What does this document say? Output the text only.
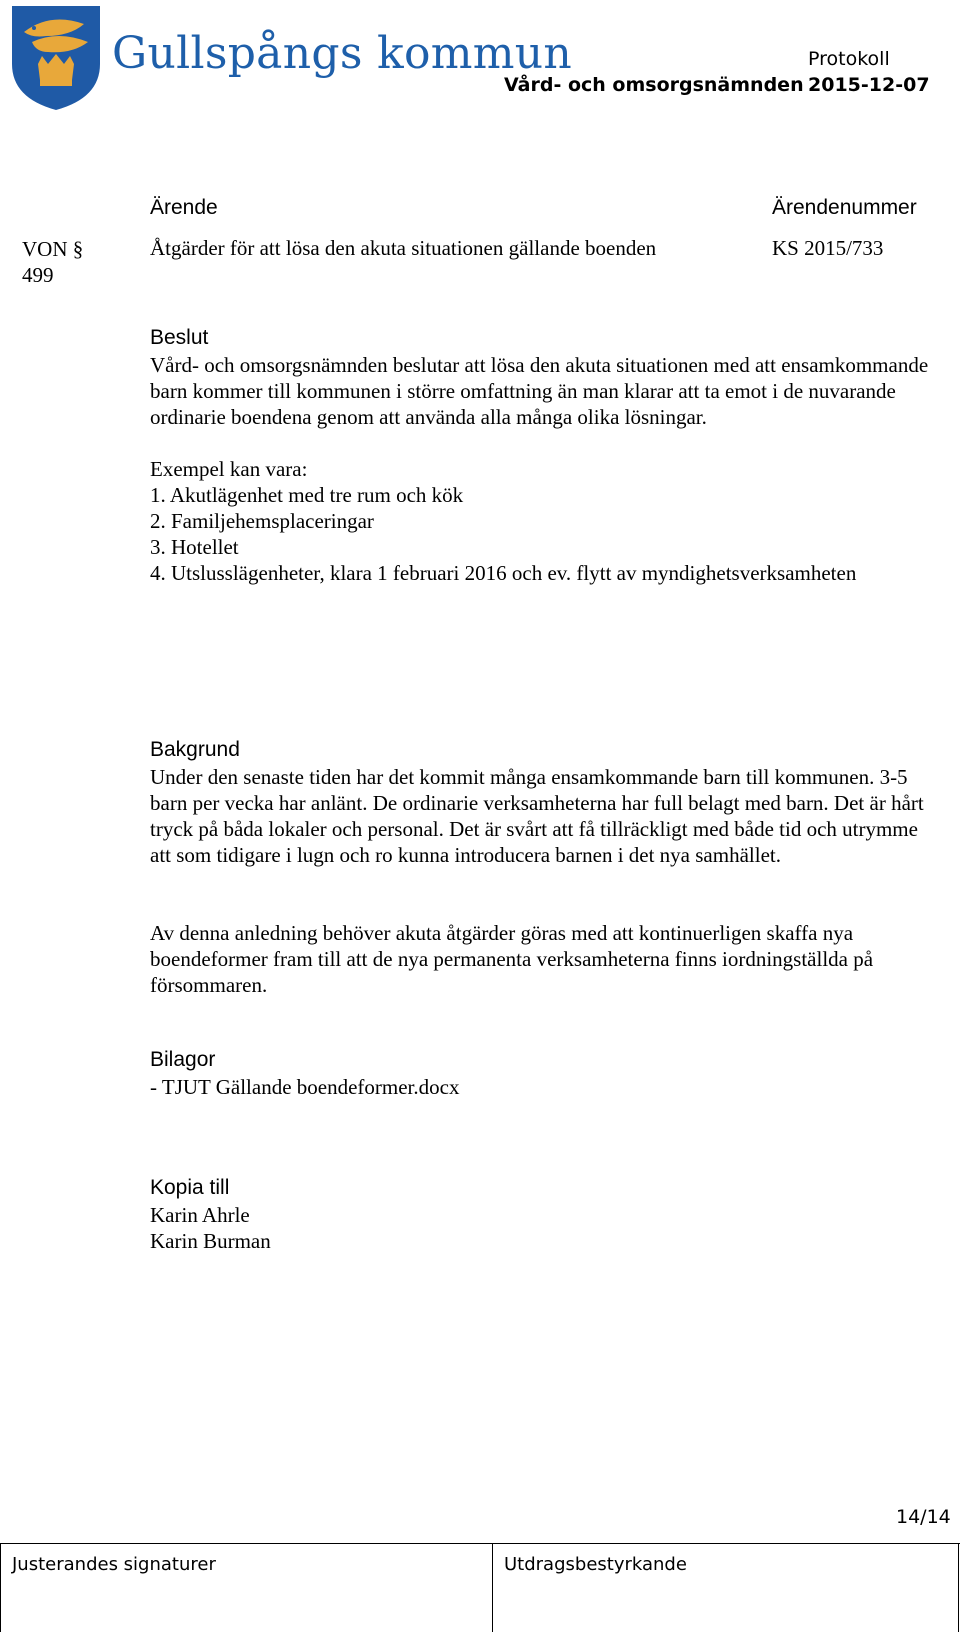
Gullspångs kommun	Protokoll
Vård- och omsorgsnämnden 2015-12-07
Ärende	Ärendenummer
VON §
499
Åtgärder för att lösa den akuta situationen gällande boenden	KS 2015/733
Beslut
Vård- och omsorgsnämnden beslutar att lösa den akuta situationen med att ensamkommande barn kommer till kommunen i större omfattning än man klarar att ta emot i de nuvarande ordinarie boendena genom att använda alla många olika lösningar.
Exempel kan vara:
1. Akutlägenhet med tre rum och kök
2. Familjehemsplaceringar
3. Hotellet
4. Utslusslägenheter, klara 1 februari 2016 och ev. flytt av myndighetsverksamheten
Bakgrund
Under den senaste tiden har det kommit många ensamkommande barn till kommunen. 3-5 barn per vecka har anlänt. De ordinarie verksamheterna har full belagt med barn. Det är hårt tryck på båda lokaler och personal. Det är svårt att få tillräckligt med både tid och utrymme att som tidigare i lugn och ro kunna introducera barnen i det nya samhället.
Av denna anledning behöver akuta åtgärder göras med att kontinuerligen skaffa nya boendeformer fram till att de nya permanenta verksamheterna finns iordningställda på försommaren.
Bilagor
- TJUT Gällande boendeformer.docx
Kopia till
Karin Ahrle
Karin Burman
14/14
Justerandes signaturer	Utdragsbestyrkande
